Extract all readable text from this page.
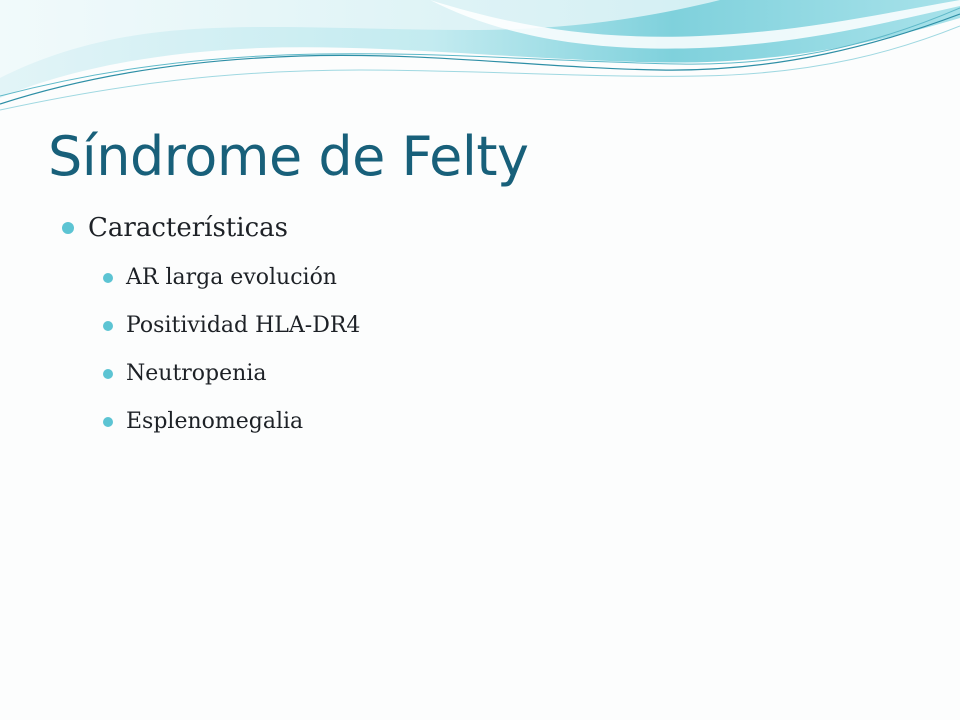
Síndrome de Felty
Características
AR larga evolución
Positividad HLA-DR4
Neutropenia
Esplenomegalia
